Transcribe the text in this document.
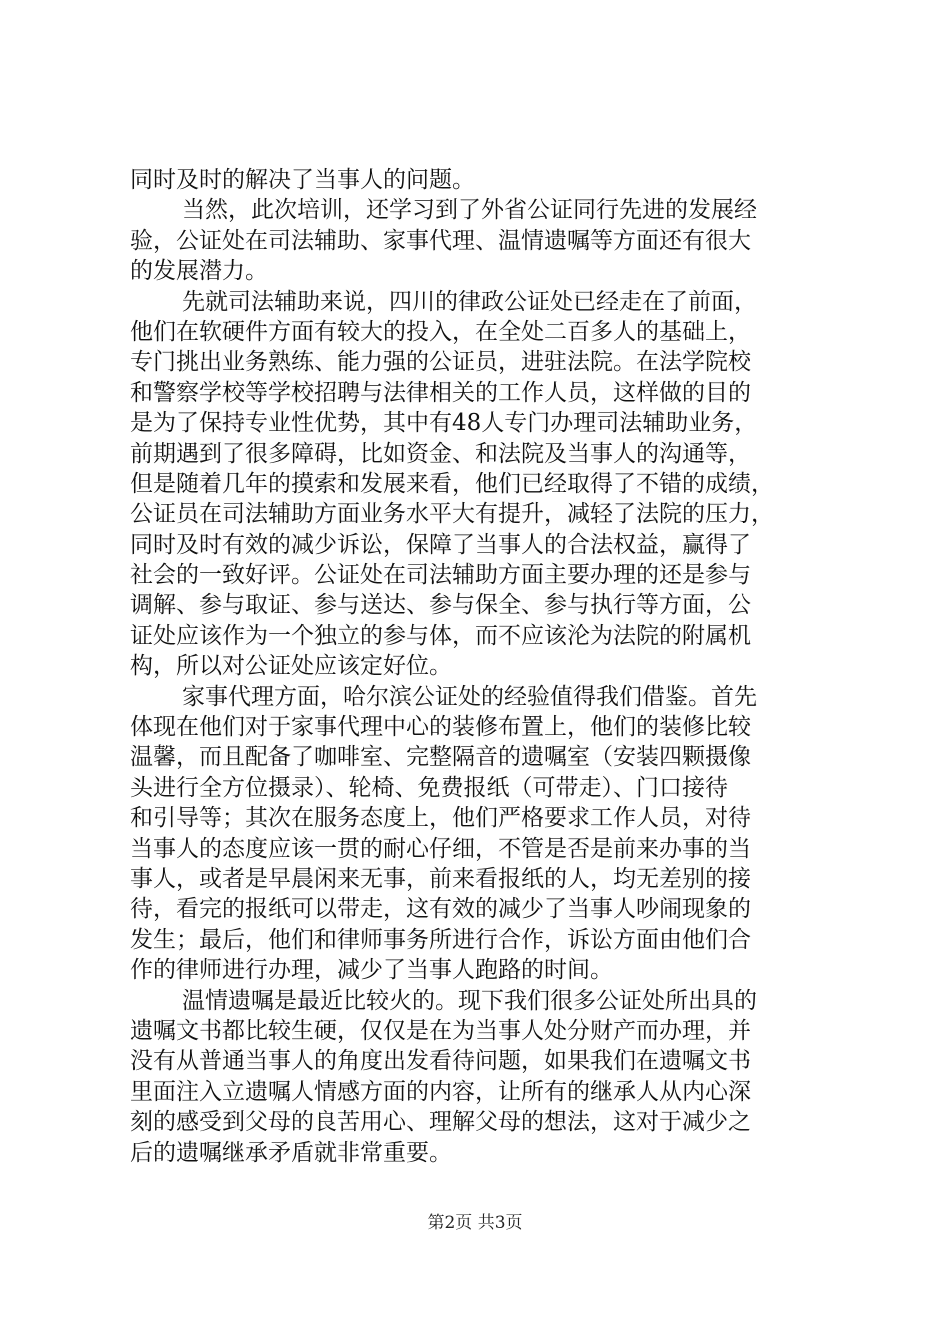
同时及时的解决了当事人的问题。
当然，此次培训，还学习到了外省公证同行先进的发展经
验，公证处在司法辅助、家事代理、温情遗嘱等方面还有很大
的发展潜力。
先就司法辅助来说，四川的律政公证处已经走在了前面，
他们在软硬件方面有较大的投入，在全处二百多人的基础上，
专门挑出业务熟练、能力强的公证员，进驻法院。在法学院校
和警察学校等学校招聘与法律相关的工作人员，这样做的目的
是为了保持专业性优势，其中有48人专门办理司法辅助业务，
前期遇到了很多障碍，比如资金、和法院及当事人的沟通等，
但是随着几年的摸索和发展来看，他们已经取得了不错的成绩，
公证员在司法辅助方面业务水平大有提升，减轻了法院的压力，
同时及时有效的减少诉讼，保障了当事人的合法权益，赢得了
社会的一致好评。公证处在司法辅助方面主要办理的还是参与
调解、参与取证、参与送达、参与保全、参与执行等方面，公
证处应该作为一个独立的参与体，而不应该沦为法院的附属机
构，所以对公证处应该定好位。
家事代理方面，哈尔滨公证处的经验值得我们借鉴。首先
体现在他们对于家事代理中心的装修布置上，他们的装修比较
温馨，而且配备了咖啡室、完整隔音的遗嘱室（安装四颗摄像
头进行全方位摄录）、轮椅、免费报纸（可带走）、门口接待
和引导等；其次在服务态度上，他们严格要求工作人员，对待
当事人的态度应该一贯的耐心仔细，不管是否是前来办事的当
事人，或者是早晨闲来无事，前来看报纸的人，均无差别的接
待，看完的报纸可以带走，这有效的减少了当事人吵闹现象的
发生；最后，他们和律师事务所进行合作，诉讼方面由他们合
作的律师进行办理，减少了当事人跑路的时间。
温情遗嘱是最近比较火的。现下我们很多公证处所出具的
遗嘱文书都比较生硬，仅仅是在为当事人处分财产而办理，并
没有从普通当事人的角度出发看待问题，如果我们在遗嘱文书
里面注入立遗嘱人情感方面的内容，让所有的继承人从内心深
刻的感受到父母的良苦用心、理解父母的想法，这对于减少之
后的遗嘱继承矛盾就非常重要。
第2页 共3页
